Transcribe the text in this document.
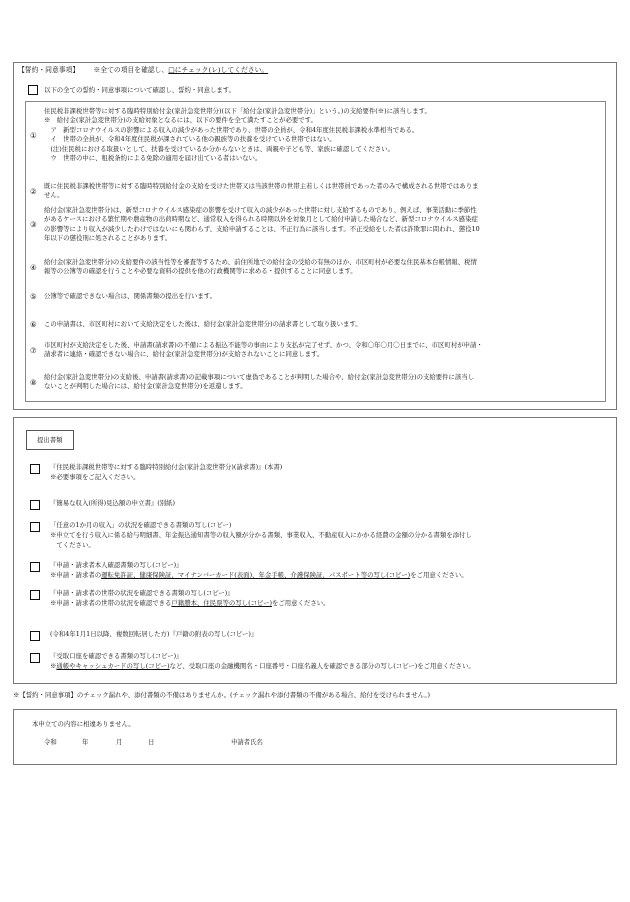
【誓約・同意事項】 ※全ての項目を確認し、□にチェック(レ)してください。
以下の全ての誓約・同意事項について確認し、誓約・同意します。
①
住民税非課税世帯等に対する臨時特別給付金(家計急変世帯分)(以下「給付金(家計急変世帯分)」という。)の支給要件(※)に該当します。
※　給付金(家計急変世帯分)の支給対象となるには、以下の要件を全て満たすことが必要です。
　ア　新型コロナウイルスの影響による収入の減少があった世帯であり、世帯の全員が、令和4年度住民税非課税水準相当である。
　イ　世帯の全員が、令和4年度住民税が課されている他の親族等の扶養を受けている世帯ではない。
　(注)住民税における取扱いとして、扶養を受けているか分からないときは、両親や子ども等、家族に確認してください。
　ウ　世帯の中に、租税条約による免除の適用を届け出ている者はいない。
②
既に住民税非課税世帯等に対する臨時特別給付金の支給を受けた世帯又は当該世帯の世帯主若しくは世帯員であった者のみで構成される世帯ではありま
せん。
③
給付金(家計急変世帯分)は、新型コロナウイルス感染症の影響を受けて収入の減少があった世帯に対し支給するものであり、例えば、事業活動に季節性
があるケースにおける繁忙期や農産物の出荷時期など、通常収入を得られる時期以外を対象月として給付申請した場合など、新型コロナウイルス感染症
の影響等により収入が減少したわけではないにも関わらず、支給申請することは、不正行為に該当します。不正受給をした者は詐欺罪に問われ、懲役10
年以下の懲役刑に処されることがあります。
④
給付金(家計急変世帯分)の支給要件の該当性等を審査等するため、前住所地での給付金の受給の有無のほか、市区町村が必要な住民基本台帳情報、税情
報等の公簿等の確認を行うことや必要な資料の提供を他の行政機関等に求める・提供することに同意します。
⑤ 公簿等で確認できない場合は、関係書類の提出を行います。
⑥ この申請書は、市区町村において支給決定をした後は、給付金(家計急変世帯分)の請求書として取り扱います。
⑦
市区町村が支給決定をした後、申請書(請求書)の不備による振込不能等の事由により支払が完了せず、かつ、令和〇年〇月〇日までに、市区町村が申請・
請求者に連絡・確認できない場合に、給付金(家計急変世帯分)が支給されないことに同意します。
⑧
給付金(家計急変世帯分)の支給後、申請書(請求書)の記載事項について虚偽であることが判明した場合や、給付金(家計急変世帯分)の支給要件に該当し
ないことが判明した場合には、給付金(家計急変世帯分)を返還します。
提出書類
『住民税非課税世帯等に対する臨時特別給付金(家計急変世帯分)(請求書)』(本書)
※必要事項をご記入ください。
『簡易な収入(所得)見込額の申立書』(別紙)
「任意の1か月の収入」の状況を確認できる書類の写し(コピー)
※申立てを行う収入に係る給与明細書、年金振込通知書等の収入額が分かる書類、事業収入、不動産収入にかかる経費の金額の分かる書類を添付し
　てください。
『申請・請求者本人確認書類の写し(コピー)』
※申請・請求者の運転免許証、健康保険証、マイナンバーカード(表面)、年金手帳、介護保険証、パスポート等の写し(コピー)をご用意ください。
『申請・請求者の世帯の状況を確認できる書類の写し(コピー)』
※申請・請求者の世帯の状況を確認できる戸籍謄本、住民票等の写し(コピー)をご用意ください。
(令和4年1月1日以降、複数回転居した方)『戸籍の附表の写し(コピー)』
『受取口座を確認できる書類の写し(コピー)』
※通帳やキャッシュカードの写し(コピー)など、受取口座の金融機関名・口座番号・口座名義人を確認できる部分の写し(コピー)をご用意ください。
※【誓約・同意事項】のチェック漏れや、添付書類の不備はありませんか。(チェック漏れや添付書類の不備がある場合、給付を受けられません。)
本申立ての内容に相違ありません。
令和	年	月	日	申請者氏名
